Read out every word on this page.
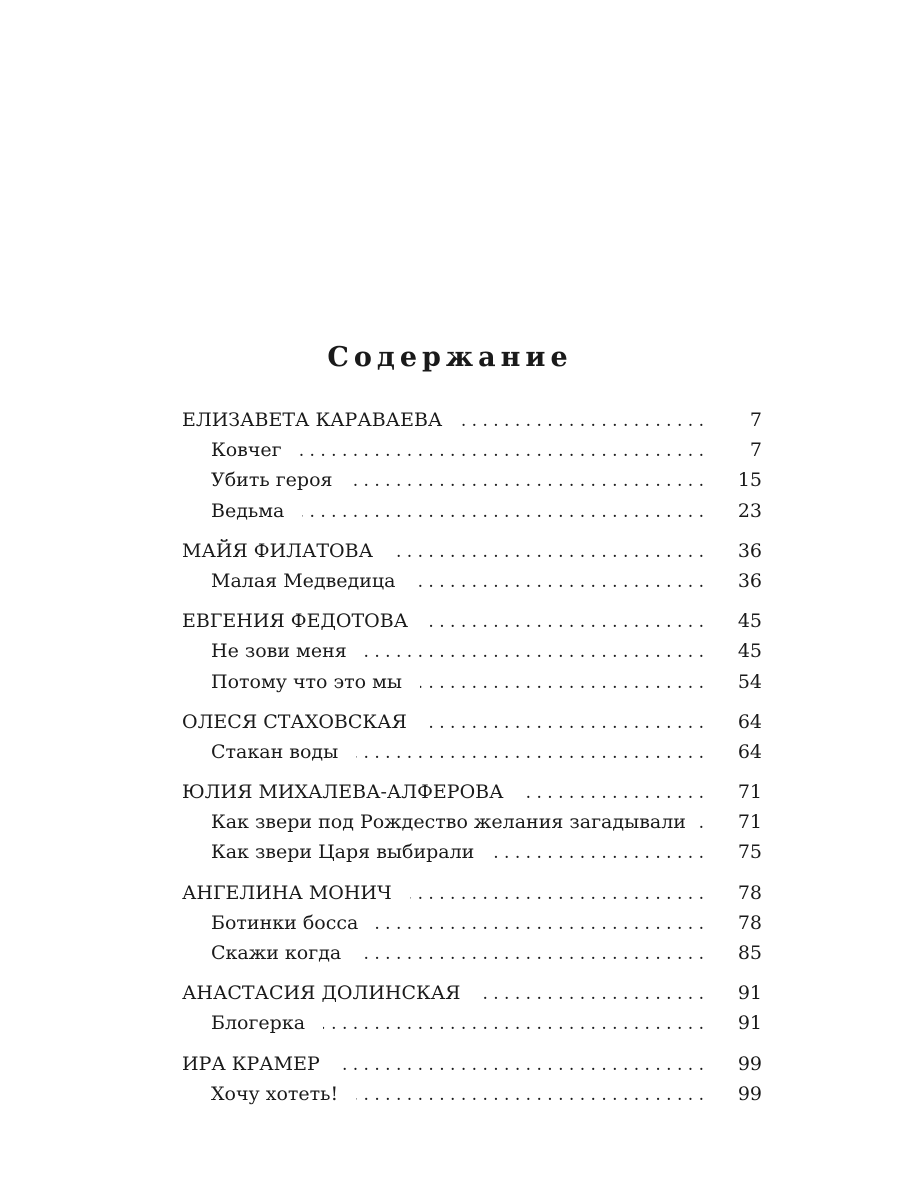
Содержание
ЕЛИЗАВЕТА КАРАВАЕВА . . .	7
Ковчег . . .	7
Убить героя . . .	15
Ведьма . . .	23
МАЙЯ ФИЛАТОВА . . .	36
Малая Медведица . . .	36
ЕВГЕНИЯ ФЕДОТОВА . . .	45
Не зови меня . . .	45
Потому что это мы . . .	54
ОЛЕСЯ СТАХОВСКАЯ . . .	64
Стакан воды . . .	64
ЮЛИЯ МИХАЛЕВА-АЛФЕРОВА . . .	71
Как звери под Рождество желания загадывали . . .	71
Как звери Царя выбирали . . .	75
АНГЕЛИНА МОНИЧ . . .	78
Ботинки босса . . .	78
Скажи когда . . .	85
АНАСТАСИЯ ДОЛИНСКАЯ . . .	91
Блогерка . . .	91
ИРА КРАМЕР . . .	99
Хочу хотеть! . . .	99
